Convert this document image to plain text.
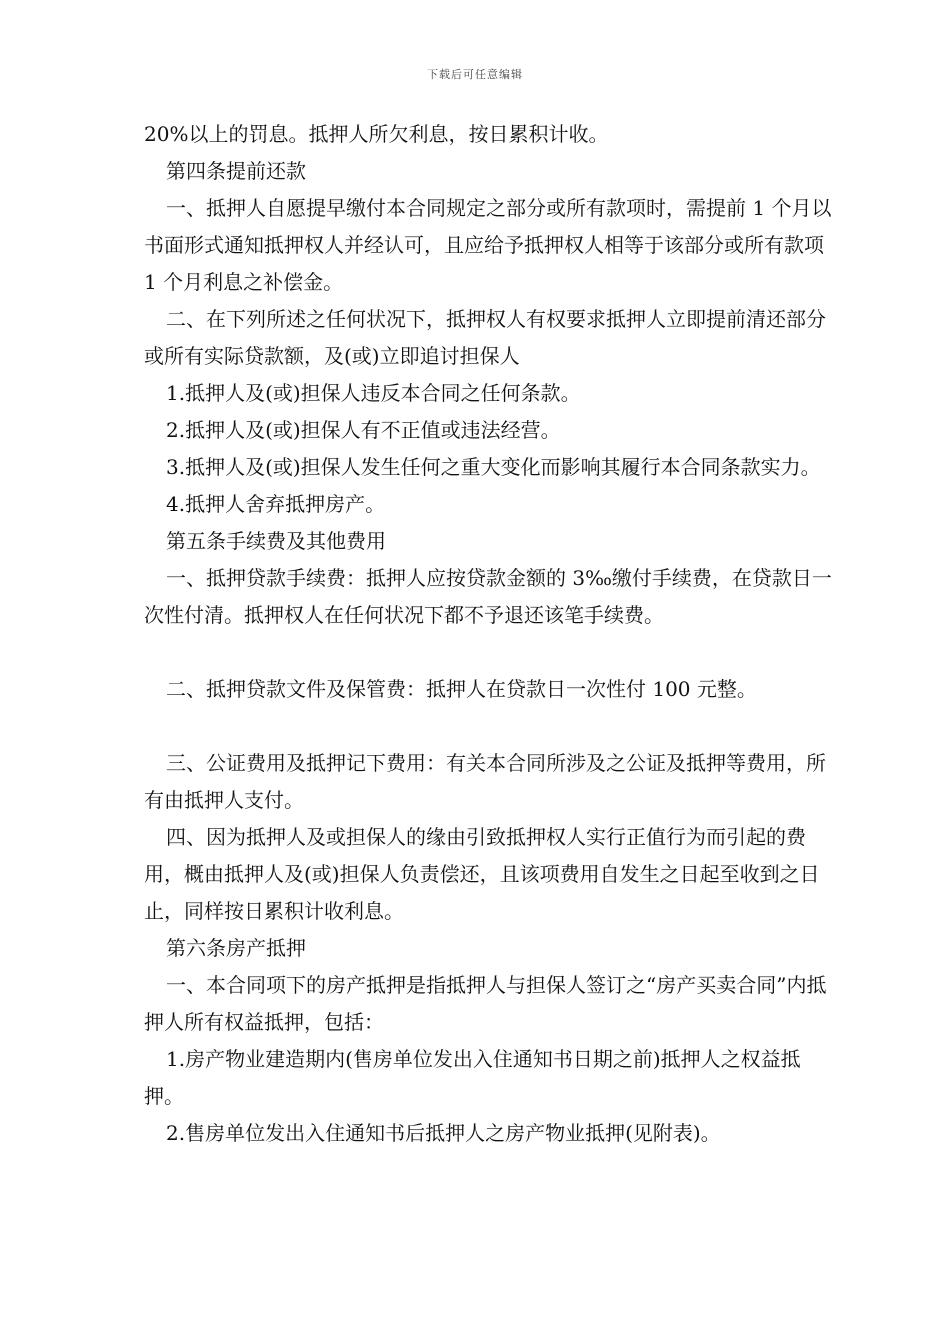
下载后可任意编辑

20%以上的罚息。抵押人所欠利息，按日累积计收。

第四条提前还款

一、抵押人自愿提早缴付本合同规定之部分或所有款项时，需提前 1 个月以书面形式通知抵押权人并经认可，且应给予抵押权人相等于该部分或所有款项 1 个月利息之补偿金。

二、在下列所述之任何状况下，抵押权人有权要求抵押人立即提前清还部分或所有实际贷款额，及(或)立即追讨担保人

1.抵押人及(或)担保人违反本合同之任何条款。

2.抵押人及(或)担保人有不正值或违法经营。

3.抵押人及(或)担保人发生任何之重大变化而影响其履行本合同条款实力。

4.抵押人舍弃抵押房产。

第五条手续费及其他费用

一、抵押贷款手续费：抵押人应按贷款金额的 3‰缴付手续费，在贷款日一次性付清。抵押权人在任何状况下都不予退还该笔手续费。

二、抵押贷款文件及保管费：抵押人在贷款日一次性付 100 元整。

三、公证费用及抵押记下费用：有关本合同所涉及之公证及抵押等费用，所有由抵押人支付。

四、因为抵押人及或担保人的缘由引致抵押权人实行正值行为而引起的费用，概由抵押人及(或)担保人负责偿还，且该项费用自发生之日起至收到之日止，同样按日累积计收利息。

第六条房产抵押

一、本合同项下的房产抵押是指抵押人与担保人签订之“房产买卖合同”内抵押人所有权益抵押，包括：

1.房产物业建造期内(售房单位发出入住通知书日期之前)抵押人之权益抵押。

2.售房单位发出入住通知书后抵押人之房产物业抵押(见附表)。
